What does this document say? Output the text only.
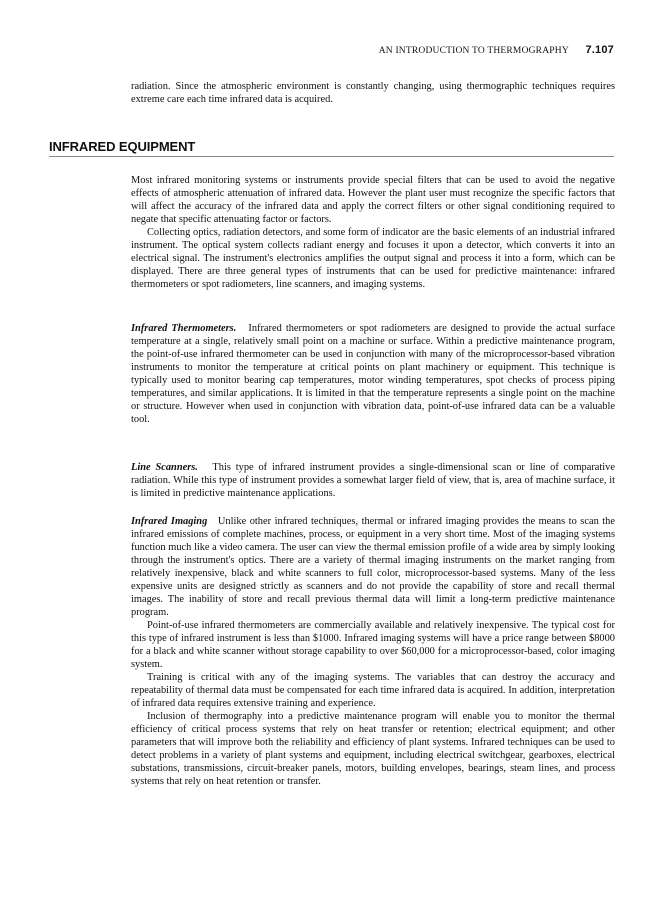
AN INTRODUCTION TO THERMOGRAPHY 7.107

radiation. Since the atmospheric environment is constantly changing, using thermographic techniques requires extreme care each time infrared data is acquired.

INFRARED EQUIPMENT

Most infrared monitoring systems or instruments provide special filters that can be used to avoid the negative effects of atmospheric attenuation of infrared data. However the plant user must recognize the specific factors that will affect the accuracy of the infrared data and apply the correct filters or other signal conditioning required to negate that specific attenuating factor or factors.

Collecting optics, radiation detectors, and some form of indicator are the basic elements of an industrial infrared instrument. The optical system collects radiant energy and focuses it upon a detector, which converts it into an electrical signal. The instrument's electronics amplifies the output signal and process it into a form, which can be displayed. There are three general types of instruments that can be used for predictive maintenance: infrared thermometers or spot radiometers, line scanners, and imaging systems.

Infrared Thermometers. Infrared thermometers or spot radiometers are designed to provide the actual surface temperature at a single, relatively small point on a machine or surface. Within a predictive maintenance program, the point-of-use infrared thermometer can be used in conjunction with many of the microprocessor-based vibration instruments to monitor the temperature at critical points on plant machinery or equipment. This technique is typically used to monitor bearing cap temperatures, motor winding temperatures, spot checks of process piping temperatures, and similar applications. It is limited in that the temperature represents a single point on the machine or structure. However when used in conjunction with vibration data, point-of-use infrared data can be a valuable tool.

Line Scanners. This type of infrared instrument provides a single-dimensional scan or line of comparative radiation. While this type of instrument provides a somewhat larger field of view, that is, area of machine surface, it is limited in predictive maintenance applications.

Infrared Imaging Unlike other infrared techniques, thermal or infrared imaging provides the means to scan the infrared emissions of complete machines, process, or equipment in a very short time. Most of the imaging systems function much like a video camera. The user can view the thermal emission profile of a wide area by simply looking through the instrument's optics. There are a variety of thermal imaging instruments on the market ranging from relatively inexpensive, black and white scanners to full color, microprocessor-based systems. Many of the less expensive units are designed strictly as scanners and do not provide the capability of store and recall thermal images. The inability of store and recall previous thermal data will limit a long-term predictive maintenance program.

Point-of-use infrared thermometers are commercially available and relatively inexpensive. The typical cost for this type of infrared instrument is less than $1000. Infrared imaging systems will have a price range between $8000 for a black and white scanner without storage capability to over $60,000 for a microprocessor-based, color imaging system.

Training is critical with any of the imaging systems. The variables that can destroy the accuracy and repeatability of thermal data must be compensated for each time infrared data is acquired. In addition, interpretation of infrared data requires extensive training and experience.

Inclusion of thermography into a predictive maintenance program will enable you to monitor the thermal efficiency of critical process systems that rely on heat transfer or retention; electrical equipment; and other parameters that will improve both the reliability and efficiency of plant systems. Infrared techniques can be used to detect problems in a variety of plant systems and equipment, including electrical switchgear, gearboxes, electrical substations, transmissions, circuit-breaker panels, motors, building envelopes, bearings, steam lines, and process systems that rely on heat retention or transfer.
